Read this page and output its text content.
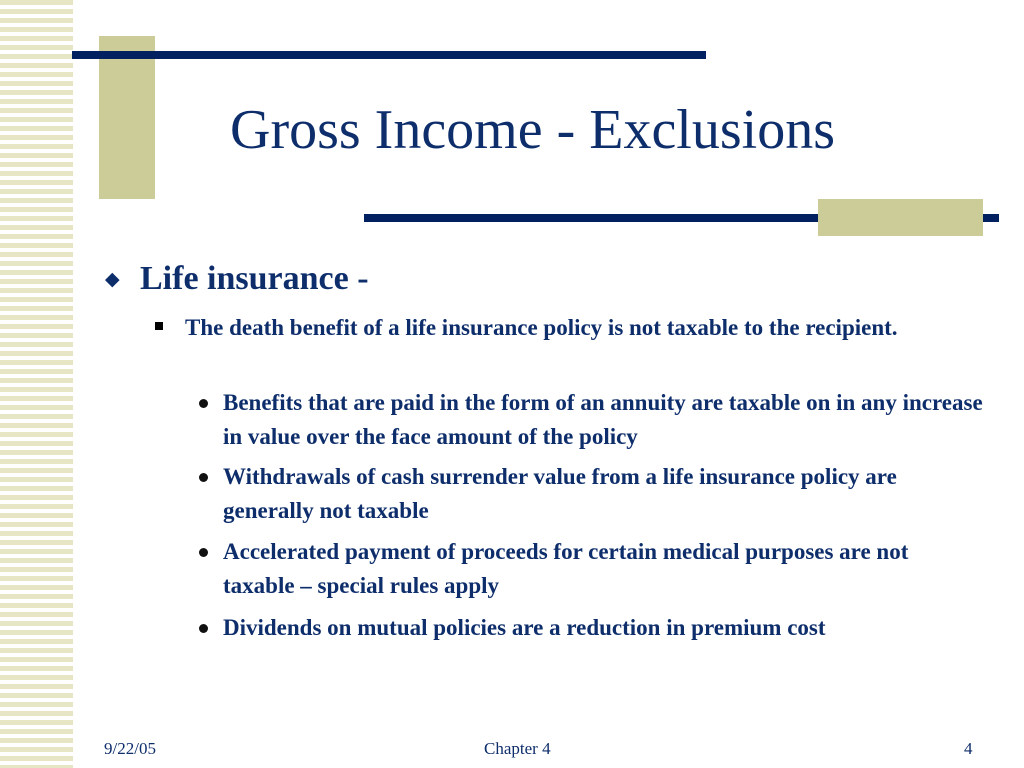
Gross Income - Exclusions
◆ Life insurance -
The death benefit of a life insurance policy is not taxable to the recipient.

Benefits that are paid in the form of an annuity are taxable on in any increase in value over the face amount of the policy

Withdrawals of cash surrender value from a life insurance policy are generally not taxable

Accelerated payment of proceeds for certain medical purposes are not taxable – special rules apply

Dividends on mutual policies are a reduction in premium cost

9/22/05	Chapter 4	4
